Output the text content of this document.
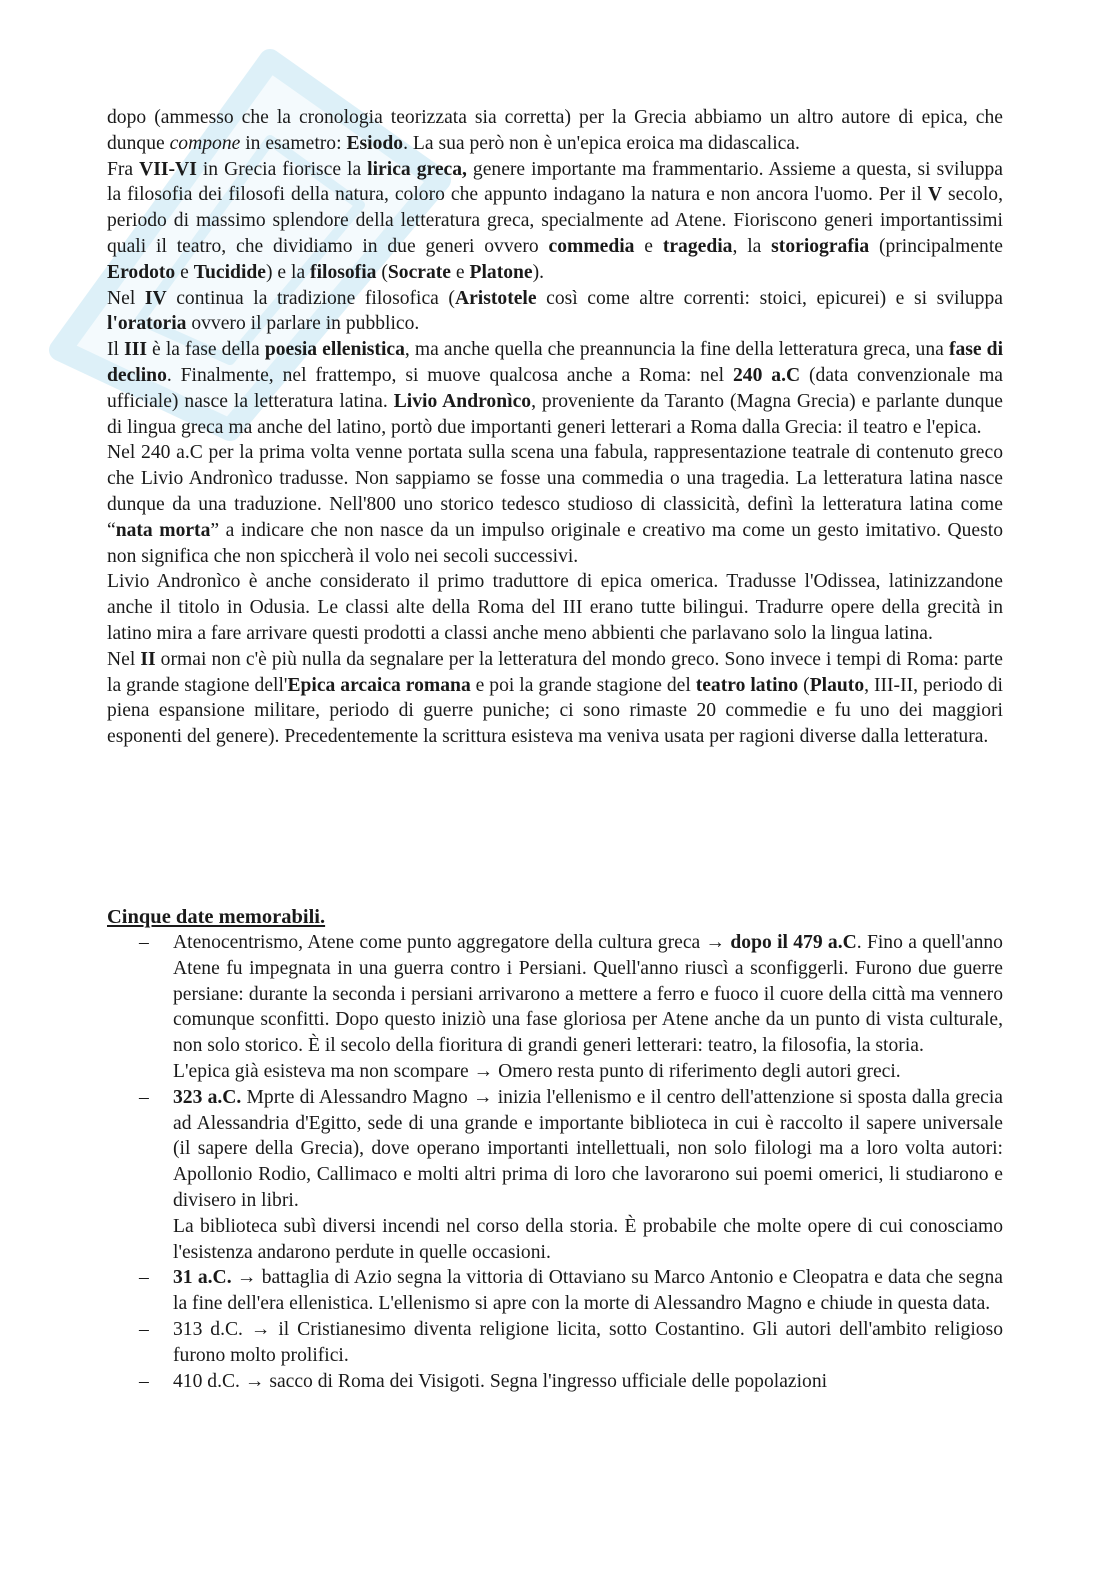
dopo (ammesso che la cronologia teorizzata sia corretta) per la Grecia abbiamo un altro autore di epica, che dunque compone in esametro: Esiodo. La sua però non è un'epica eroica ma didascalica.

Fra VII-VI in Grecia fiorisce la lirica greca, genere importante ma frammentario. Assieme a questa, si sviluppa la filosofia dei filosofi della natura, coloro che appunto indagano la natura e non ancora l'uomo. Per il V secolo, periodo di massimo splendore della letteratura greca, specialmente ad Atene. Fioriscono generi importantissimi quali il teatro, che dividiamo in due generi ovvero commedia e tragedia, la storiografia (principalmente Erodoto e Tucidide) e la filosofia (Socrate e Platone).

Nel IV continua la tradizione filosofica (Aristotele così come altre correnti: stoici, epicurei) e si sviluppa l'oratoria ovvero il parlare in pubblico.

Il III è la fase della poesia ellenistica, ma anche quella che preannuncia la fine della letteratura greca, una fase di declino. Finalmente, nel frattempo, si muove qualcosa anche a Roma: nel 240 a.C (data convenzionale ma ufficiale) nasce la letteratura latina. Livio Andronìco, proveniente da Taranto (Magna Grecia) e parlante dunque di lingua greca ma anche del latino, portò due importanti generi letterari a Roma dalla Grecia: il teatro e l'epica.

Nel 240 a.C per la prima volta venne portata sulla scena una fabula, rappresentazione teatrale di contenuto greco che Livio Andronìco tradusse. Non sappiamo se fosse una commedia o una tragedia. La letteratura latina nasce dunque da una traduzione. Nell'800 uno storico tedesco studioso di classicità, definì la letteratura latina come “nata morta” a indicare che non nasce da un impulso originale e creativo ma come un gesto imitativo. Questo non significa che non spiccherà il volo nei secoli successivi.

Livio Andronìco è anche considerato il primo traduttore di epica omerica. Tradusse l'Odissea, latinizzandone anche il titolo in Odusia. Le classi alte della Roma del III erano tutte bilingui. Tradurre opere della grecità in latino mira a fare arrivare questi prodotti a classi anche meno abbienti che parlavano solo la lingua latina.

Nel II ormai non c'è più nulla da segnalare per la letteratura del mondo greco. Sono invece i tempi di Roma: parte la grande stagione dell'Epica arcaica romana e poi la grande stagione del teatro latino (Plauto, III-II, periodo di piena espansione militare, periodo di guerre puniche; ci sono rimaste 20 commedie e fu uno dei maggiori esponenti del genere). Precedentemente la scrittura esisteva ma veniva usata per ragioni diverse dalla letteratura.

Cinque date memorabili.
– Atenocentrismo, Atene come punto aggregatore della cultura greca → dopo il 479 a.C. Fino a quell'anno Atene fu impegnata in una guerra contro i Persiani. Quell'anno riuscì a sconfiggerli. Furono due guerre persiane: durante la seconda i persiani arrivarono a mettere a ferro e fuoco il cuore della città ma vennero comunque sconfitti. Dopo questo iniziò una fase gloriosa per Atene anche da un punto di vista culturale, non solo storico. È il secolo della fioritura di grandi generi letterari: teatro, la filosofia, la storia.

L'epica già esisteva ma non scompare → Omero resta punto di riferimento degli autori greci.

– 323 a.C. Mprte di Alessandro Magno → inizia l'ellenismo e il centro dell'attenzione si sposta dalla grecia ad Alessandria d'Egitto, sede di una grande e importante biblioteca in cui è raccolto il sapere universale (il sapere della Grecia), dove operano importanti intellettuali, non solo filologi ma a loro volta autori: Apollonio Rodio, Callimaco e molti altri prima di loro che lavorarono sui poemi omerici, li studiarono e divisero in libri.

La biblioteca subì diversi incendi nel corso della storia. È probabile che molte opere di cui conosciamo l'esistenza andarono perdute in quelle occasioni.

– 31 a.C. → battaglia di Azio segna la vittoria di Ottaviano su Marco Antonio e Cleopatra e data che segna la fine dell'era ellenistica. L'ellenismo si apre con la morte di Alessandro Magno e chiude in questa data.

– 313 d.C. → il Cristianesimo diventa religione licita, sotto Costantino. Gli autori dell'ambito religioso furono molto prolifici.

– 410 d.C. → sacco di Roma dei Visigoti. Segna l'ingresso ufficiale delle popolazioni
